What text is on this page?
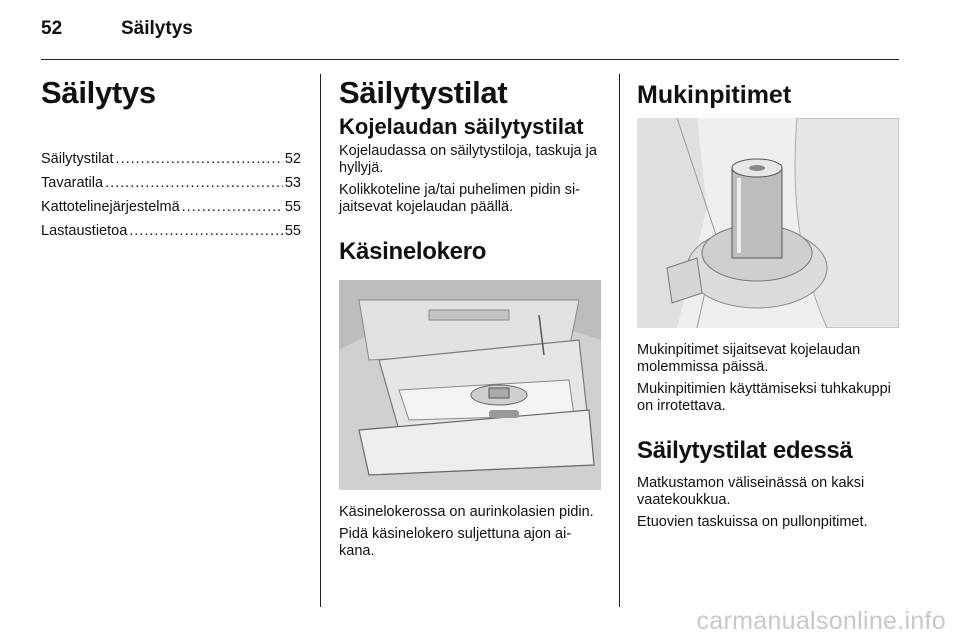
52	Säilytys
Säilytys
Säilytystilat .....	52
Tavaratila .....	53
Kattotelinejärjestelmä .....	55
Lastaustietoa .....	55
Säilytystilat
Kojelaudan säilytystilat

Kojelaudassa on säilytystiloja, taskuja ja hyllyjä.

Kolikkoteline ja/tai puhelimen pidin sijaitsevat kojelaudan päällä.

Käsinelokero

Käsinelokerossa on aurinkolasien pidin.

Pidä käsinelokero suljettuna ajon aikana.

Mukinpitimet

Mukinpitimet sijaitsevat kojelaudan molemmissa päissä.

Mukinpitimien käyttämiseksi tuhkakuppi on irrotettava.

Säilytystilat edessä

Matkustamon väliseinässä on kaksi vaatekoukkua.

Etuovien taskuissa on pullonpitimet.

carmanualsonline.info
